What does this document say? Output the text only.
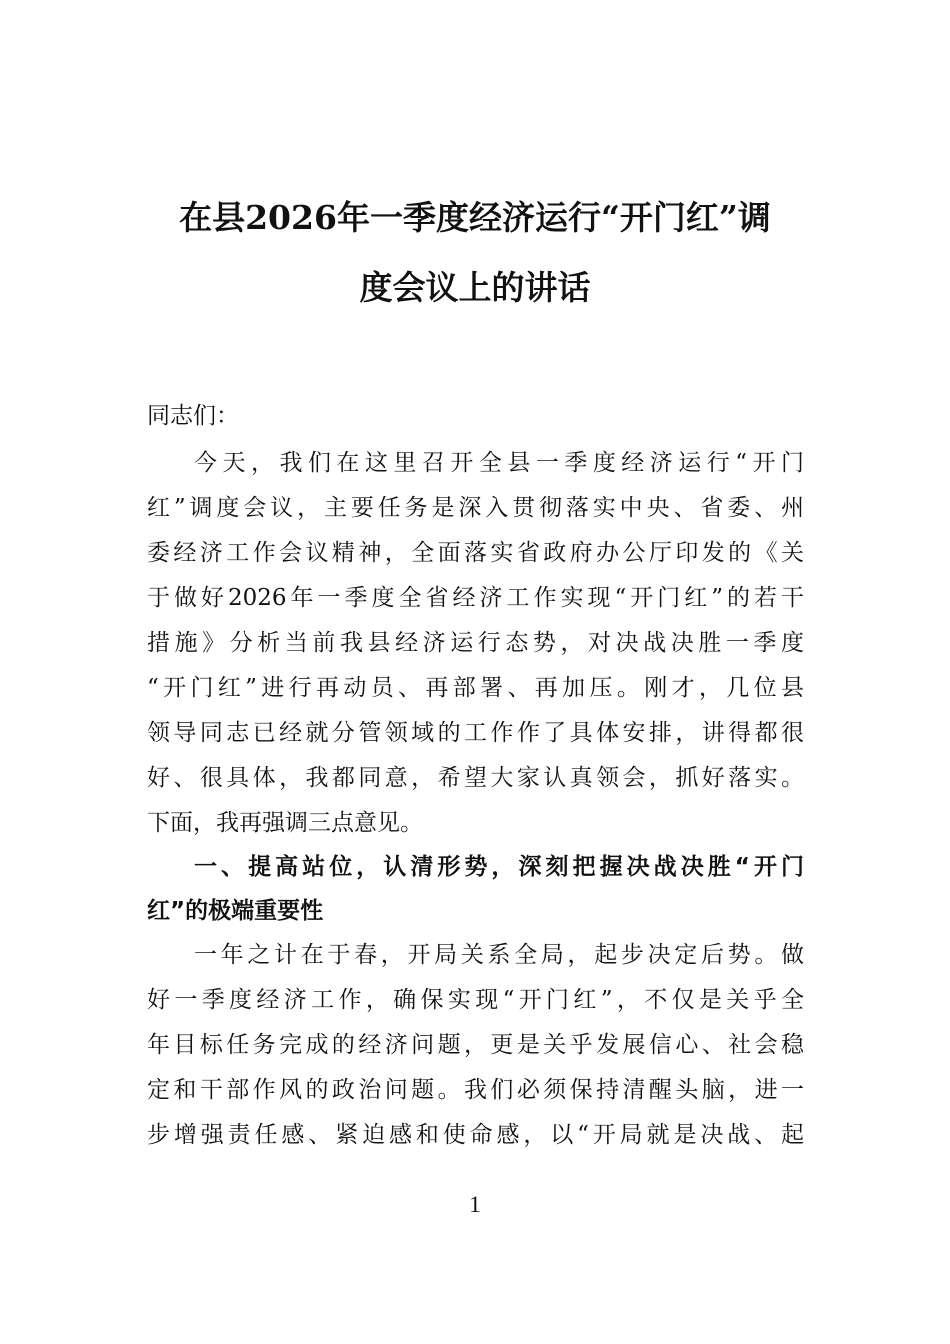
在县2026年一季度经济运行“开门红”调
度会议上的讲话
同志们：
今天，我们在这里召开全县一季度经济运行“开门
红”调度会议，主要任务是深入贯彻落实中央、省委、州
委经济工作会议精神，全面落实省政府办公厅印发的《关
于做好2026年一季度全省经济工作实现“开门红”的若干
措施》分析当前我县经济运行态势，对决战决胜一季度
“开门红”进行再动员、再部署、再加压。刚才，几位县
领导同志已经就分管领域的工作作了具体安排，讲得都很
好、很具体，我都同意，希望大家认真领会，抓好落实。
下面，我再强调三点意见。
一、提高站位，认清形势，深刻把握决战决胜“开门
红”的极端重要性
一年之计在于春，开局关系全局，起步决定后势。做
好一季度经济工作，确保实现“开门红”，不仅是关乎全
年目标任务完成的经济问题，更是关乎发展信心、社会稳
定和干部作风的政治问题。我们必须保持清醒头脑，进一
步增强责任感、紧迫感和使命感，以“开局就是决战、起
1
